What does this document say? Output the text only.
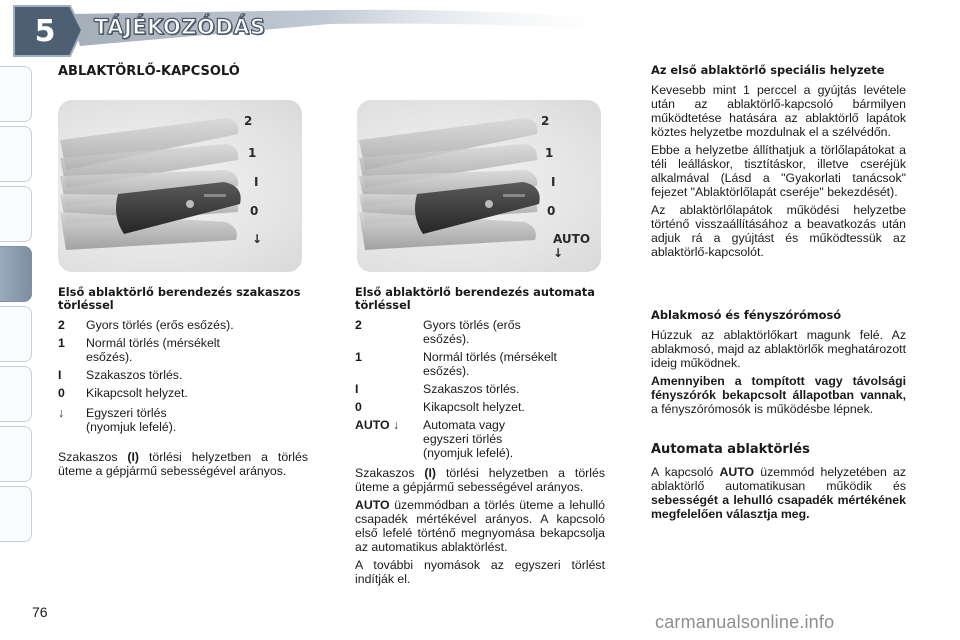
5	TÁJÉKOZÓDÁS
ABLAKTÖRLŐ-KAPCSOLÓ
2
1
I
0
↓
2
1
I
0
AUTO ↓
Első ablaktörlő berendezés szakaszos törléssel
2	Gyors törlés (erős esőzés).
1	Normál törlés (mérsékelt esőzés).
I	Szakaszos törlés.
0	Kikapcsolt helyzet.
↓	Egyszeri törlés (nyomjuk lefelé).

Szakaszos (I) törlési helyzetben a törlés üteme a gépjármű sebességével arányos.

Első ablaktörlő berendezés automata törléssel
2	Gyors törlés (erős esőzés).
1	Normál törlés (mérsékelt esőzés).
I	Szakaszos törlés.
0	Kikapcsolt helyzet.
AUTO ↓	Automata vagy egyszeri törlés (nyomjuk lefelé).

Szakaszos (I) törlési helyzetben a törlés üteme a gépjármű sebességével arányos.

AUTO üzemmódban a törlés üteme a lehulló csapadék mértékével arányos. A kapcsoló első lefelé történő megnyomása bekapcsolja az automatikus ablaktörlést.

A további nyomások az egyszeri törlést indítják el.

Az első ablaktörlő speciális helyzete

Kevesebb mint 1 perccel a gyújtás levétele után az ablaktörlő-kapcsoló bármilyen működtetése hatására az ablaktörlő lapátok köztes helyzetbe mozdulnak el a szélvédőn.

Ebbe a helyzetbe állíthatjuk a törlőlapátokat a téli leálláskor, tisztításkor, illetve cseréjük alkalmával (Lásd a "Gyakorlati tanácsok" fejezet "Ablaktörlőlapát cseréje" bekezdését).

Az ablaktörlőlapátok működési helyzetbe történő visszaállításához a beavatkozás után adjuk rá a gyújtást és működtessük az ablaktörlő-kapcsolót.

Ablakmosó és fényszórómosó

Húzzuk az ablaktörlőkart magunk felé. Az ablakmosó, majd az ablaktörlők meghatározott ideig működnek.

Amennyiben a tompított vagy távolsági fényszórók bekapcsolt állapotban vannak, a fényszórómosók is működésbe lépnek.

Automata ablaktörlés

A kapcsoló AUTO üzemmód helyzetében az ablaktörlő automatikusan működik és sebességét a lehulló csapadék mértékének megfelelően választja meg.

76	carmanualsonline.info
